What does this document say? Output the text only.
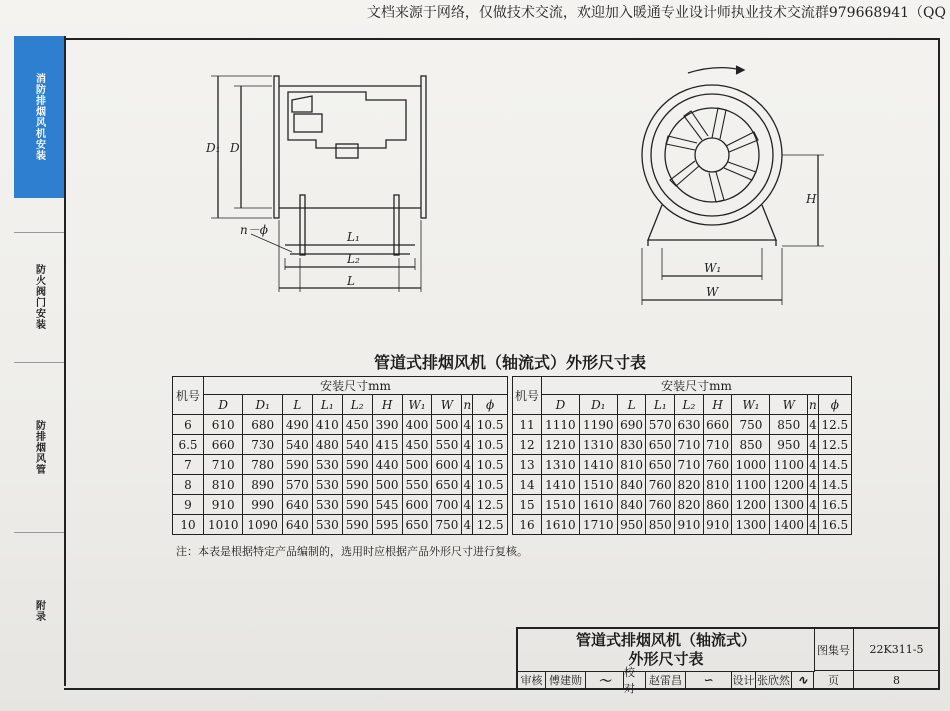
文档来源于网络，仅做技术交流，欢迎加入暖通专业设计师执业技术交流群979668941（QQ
消防排烟风机安装
防火阀门安装
防排烟风管
附录
D₁ D
n－ϕ	L₁
L₂
L
H
W₁
W
管道式排烟风机（轴流式）外形尺寸表
机号	安装尺寸mm									
	D	D₁	L	L₁	L₂	H	W₁	W	n	ϕ
6	610	680	490	410	450	390	400	500	4	10.5
6.5	660	730	540	480	540	415	450	550	4	10.5
7	710	780	590	530	590	440	500	600	4	10.5
8	810	890	570	530	590	500	550	650	4	10.5
9	910	990	640	530	590	545	600	700	4	12.5
10	1010	1090	640	530	590	595	650	750	4	12.5
机号	安装尺寸mm									
	D	D₁	L	L₁	L₂	H	W₁	W	n	ϕ
11	1110	1190	690	570	630	660	750	850	4	12.5
12	1210	1310	830	650	710	710	850	950	4	12.5
13	1310	1410	810	650	710	760	1000	1100	4	14.5
14	1410	1510	840	760	820	810	1100	1200	4	14.5
15	1510	1610	840	760	820	860	1200	1300	4	16.5
16	1610	1710	950	850	910	910	1300	1400	4	16.5
注：本表是根据特定产品编制的，选用时应根据产品外形尺寸进行复核。
管道式排烟风机（轴流式）
外形尺寸表	图集号	22K311-5
审核 傅建勋	〜
校对
赵雷昌	∽	设计 张欣然 ∿	页	8
